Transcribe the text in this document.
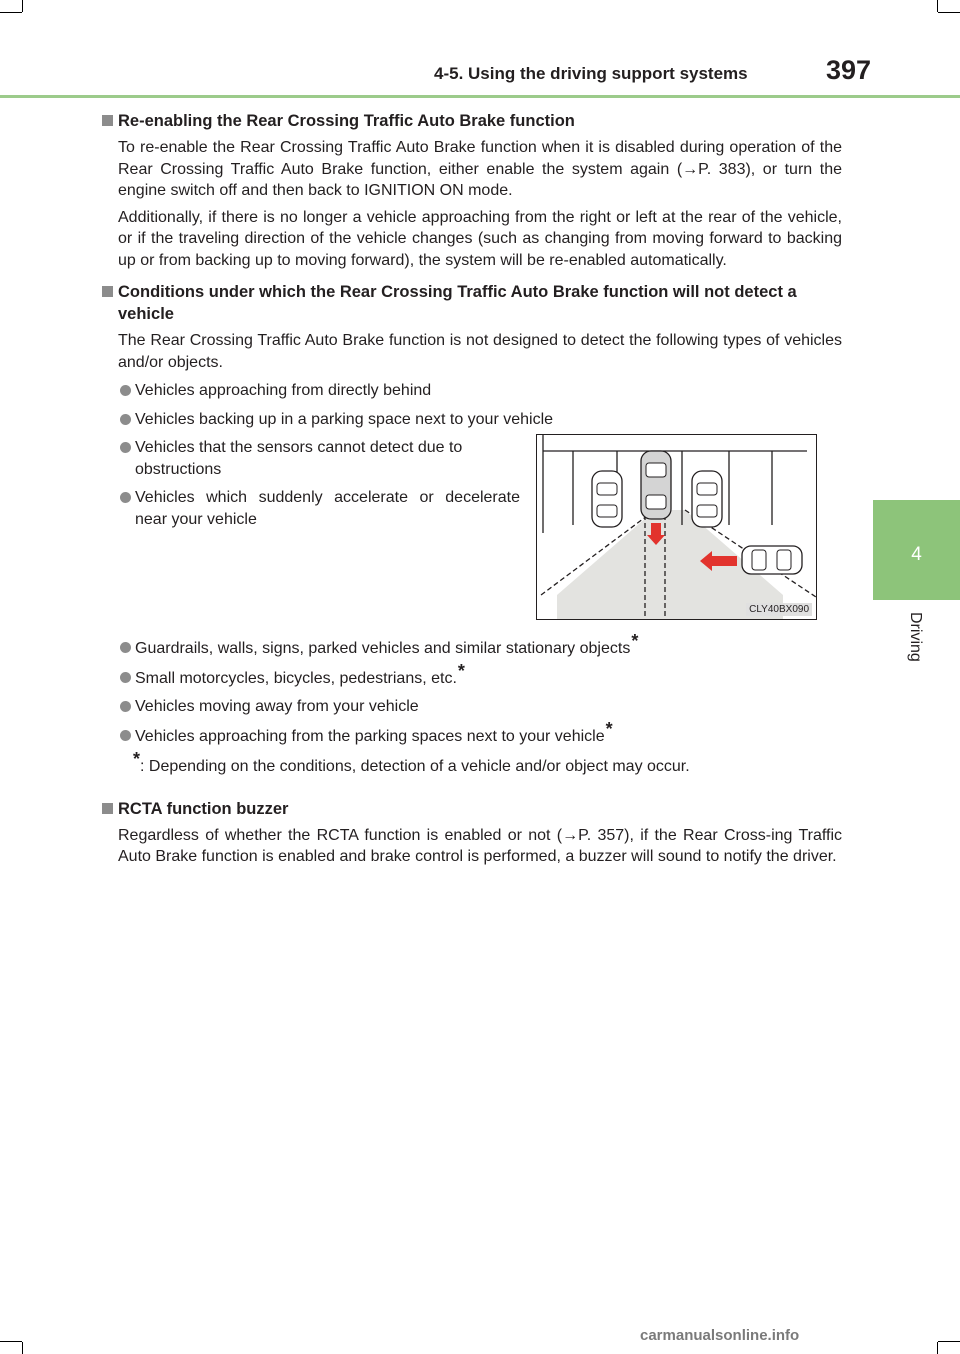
4-5. Using the driving support systems	397
4
Driving
Re-enabling the Rear Crossing Traffic Auto Brake function

To re-enable the Rear Crossing Traffic Auto Brake function when it is disabled during operation of the Rear Crossing Traffic Auto Brake function, either enable the system again (→P. 383), or turn the engine switch off and then back to IGNITION ON mode.

Additionally, if there is no longer a vehicle approaching from the right or left at the rear of the vehicle, or if the traveling direction of the vehicle changes (such as changing from moving forward to backing up or from backing up to moving forward), the system will be re-enabled automatically.

Conditions under which the Rear Crossing Traffic Auto Brake function will not detect a vehicle

The Rear Crossing Traffic Auto Brake function is not designed to detect the following types of vehicles and/or objects.

Vehicles approaching from directly behind
Vehicles backing up in a parking space next to your vehicle
Vehicles that the sensors cannot detect due to obstructions
Vehicles which suddenly accelerate or decelerate near your vehicle
CLY40BX090
Guardrails, walls, signs, parked vehicles and similar stationary objects*
Small motorcycles, bicycles, pedestrians, etc.*
Vehicles moving away from your vehicle
Vehicles approaching from the parking spaces next to your vehicle*
*: Depending on the conditions, detection of a vehicle and/or object may occur.
RCTA function buzzer

Regardless of whether the RCTA function is enabled or not (→P. 357), if the Rear Cross-ing Traffic Auto Brake function is enabled and brake control is performed, a buzzer will sound to notify the driver.

carmanualsonline.info
